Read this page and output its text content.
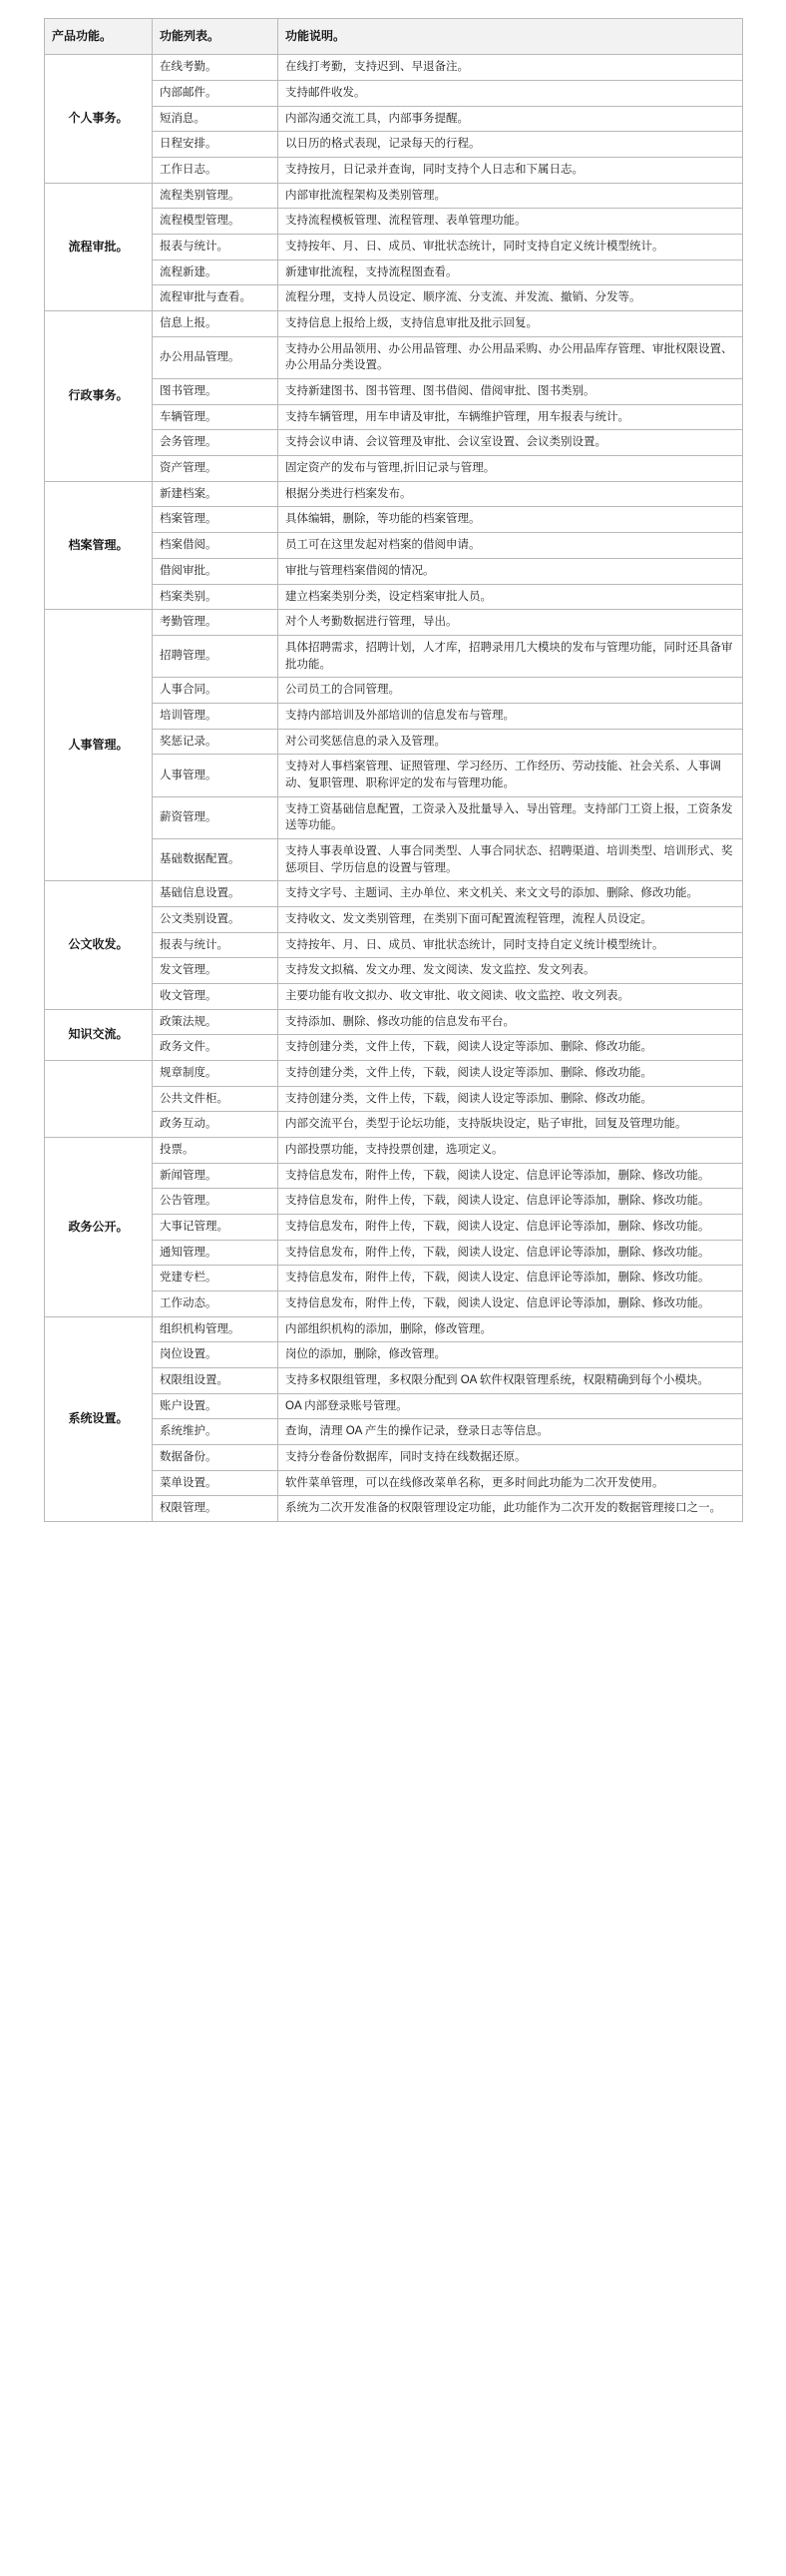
产品功能。	功能列表。	功能说明。
个人事务。	在线考勤。	在线打考勤，支持迟到、早退备注。
	内部邮件。	支持邮件收发。
	短消息。	内部沟通交流工具，内部事务提醒。
	日程安排。	以日历的格式表现，记录每天的行程。
	工作日志。	支持按月，日记录并查询，同时支持个人日志和下属日志。
流程审批。	流程类别管理。	内部审批流程架构及类别管理。
	流程模型管理。	支持流程模板管理、流程管理、表单管理功能。
	报表与统计。	支持按年、月、日、成员、审批状态统计，同时支持自定义统计模型统计。
	流程新建。	新建审批流程，支持流程图查看。
	流程审批与查看。	流程分理，支持人员设定、顺序流、分支流、并发流、撤销、分发等。
行政事务。	信息上报。	支持信息上报给上级，支持信息审批及批示回复。
	办公用品管理。	支持办公用品领用、办公用品管理、办公用品采购、办公用品库存管理、审批权限设置、办公用品分类设置。
	图书管理。	支持新建图书、图书管理、图书借阅、借阅审批、图书类别。
	车辆管理。	支持车辆管理，用车申请及审批，车辆维护管理，用车报表与统计。
	会务管理。	支持会议申请、会议管理及审批、会议室设置、会议类别设置。
	资产管理。	固定资产的发布与管理,折旧记录与管理。
档案管理。	新建档案。	根据分类进行档案发布。
	档案管理。	具体编辑，删除，等功能的档案管理。
	档案借阅。	员工可在这里发起对档案的借阅申请。
	借阅审批。	审批与管理档案借阅的情况。
	档案类别。	建立档案类别分类，设定档案审批人员。
人事管理。	考勤管理。	对个人考勤数据进行管理，导出。
	招聘管理。	具体招聘需求，招聘计划，人才库，招聘录用几大模块的发布与管理功能，同时还具备审批功能。
	人事合同。	公司员工的合同管理。
	培训管理。	支持内部培训及外部培训的信息发布与管理。
	奖惩记录。	对公司奖惩信息的录入及管理。
	人事管理。	支持对人事档案管理、证照管理、学习经历、工作经历、劳动技能、社会关系、人事调动、复职管理、职称评定的发布与管理功能。
	薪资管理。	支持工资基础信息配置，工资录入及批量导入、导出管理。支持部门工资上报，工资条发送等功能。
	基础数据配置。	支持人事表单设置、人事合同类型、人事合同状态、招聘渠道、培训类型、培训形式、奖惩项目、学历信息的设置与管理。
公文收发。	基础信息设置。	支持文字号、主题词、主办单位、来文机关、来文文号的添加、删除、修改功能。
	公文类别设置。	支持收文、发文类别管理，在类别下面可配置流程管理，流程人员设定。
	报表与统计。	支持按年、月、日、成员、审批状态统计，同时支持自定义统计模型统计。
	发文管理。	支持发文拟稿、发文办理、发文阅读、发文监控、发文列表。
	收文管理。	主要功能有收文拟办、收文审批、收文阅读、收文监控、收文列表。
知识交流。	政策法规。	支持添加、删除、修改功能的信息发布平台。
	政务文件。	支持创建分类，文件上传，下载，阅读人设定等添加、删除、修改功能。
	规章制度。	支持创建分类，文件上传，下载，阅读人设定等添加、删除、修改功能。
	公共文件柜。	支持创建分类，文件上传，下载，阅读人设定等添加、删除、修改功能。
	政务互动。	内部交流平台，类型于论坛功能，支持版块设定，贴子审批，回复及管理功能。
政务公开。	投票。	内部投票功能，支持投票创建，选项定义。
	新闻管理。	支持信息发布，附件上传，下载，阅读人设定、信息评论等添加，删除、修改功能。
	公告管理。	支持信息发布，附件上传，下载，阅读人设定、信息评论等添加，删除、修改功能。
	大事记管理。	支持信息发布，附件上传，下载，阅读人设定、信息评论等添加，删除、修改功能。
	通知管理。	支持信息发布，附件上传，下载，阅读人设定、信息评论等添加，删除、修改功能。
	党建专栏。	支持信息发布，附件上传，下载，阅读人设定、信息评论等添加，删除、修改功能。
	工作动态。	支持信息发布，附件上传，下载，阅读人设定、信息评论等添加，删除、修改功能。
系统设置。	组织机构管理。	内部组织机构的添加，删除，修改管理。
	岗位设置。	岗位的添加，删除，修改管理。
	权限组设置。	支持多权限组管理，多权限分配到 OA 软件权限管理系统，权限精确到每个小模块。
	账户设置。	OA 内部登录账号管理。
	系统维护。	查询，清理 OA 产生的操作记录，登录日志等信息。
	数据备份。	支持分卷备份数据库，同时支持在线数据还原。
	菜单设置。	软件菜单管理，可以在线修改菜单名称，更多时间此功能为二次开发使用。
	权限管理。	系统为二次开发准备的权限管理设定功能，此功能作为二次开发的数据管理接口之一。
